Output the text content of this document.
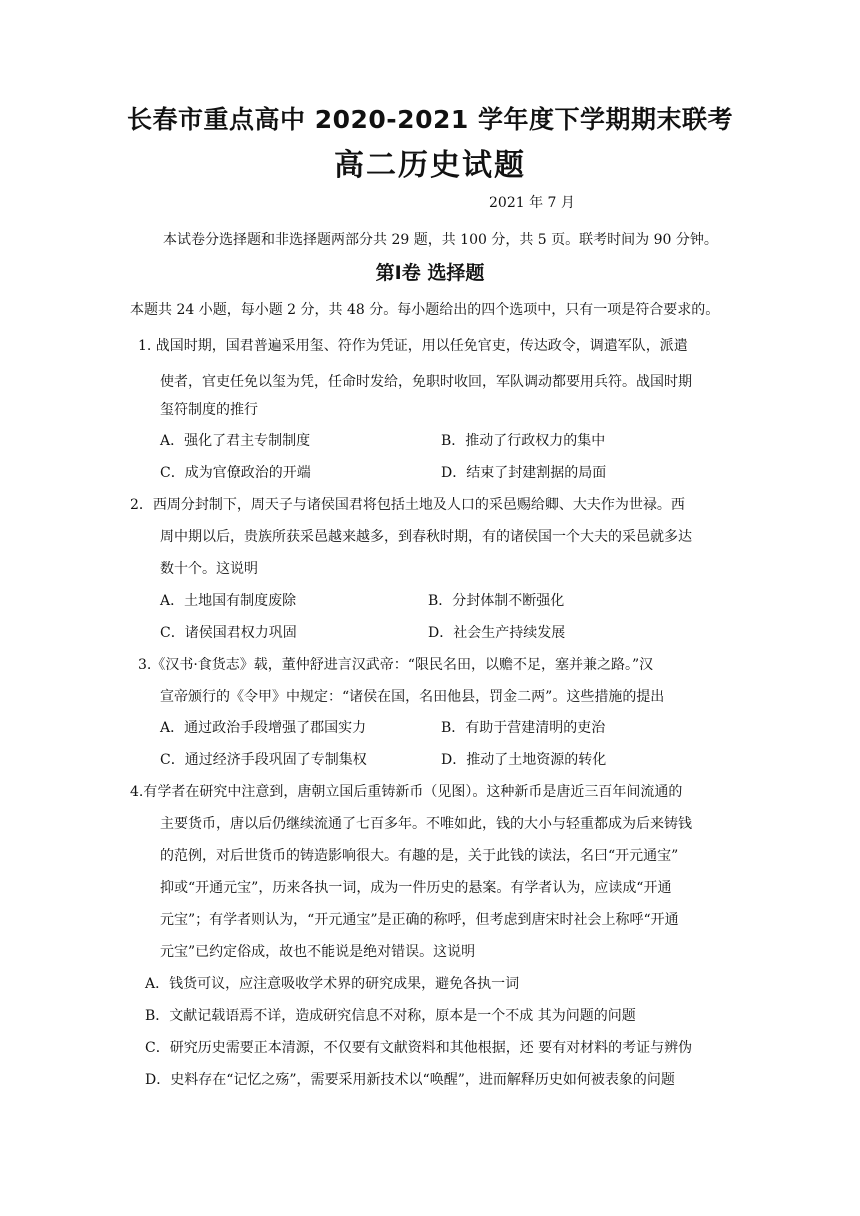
长春市重点高中 2020-2021 学年度下学期期末联考
高二历史试题
2021 年 7 月
本试卷分选择题和非选择题两部分共 29 题，共 100 分，共 5 页。联考时间为 90 分钟。
第Ⅰ卷 选择题
本题共 24 小题，每小题 2 分，共 48 分。每小题给出的四个选项中，只有一项是符合要求的。
1. 战国时期，国君普遍采用玺、符作为凭证，用以任免官吏，传达政令，调遣军队，派遣
使者，官吏任免以玺为凭，任命时发给，免职时收回，军队调动都要用兵符。战国时期
玺符制度的推行
A．强化了君主专制制度	B．推动了行政权力的集中
C．成为官僚政治的开端	D．结束了封建割据的局面
2．西周分封制下，周天子与诸侯国君将包括土地及人口的采邑赐给卿、大夫作为世禄。西
周中期以后，贵族所获采邑越来越多，到春秋时期，有的诸侯国一个大夫的采邑就多达
数十个。这说明
A．土地国有制度废除	B．分封体制不断强化
C．诸侯国君权力巩固	D．社会生产持续发展
3.《汉书·食货志》载，董仲舒进言汉武帝：“限民名田，以赡不足，塞并兼之路。”汉
宣帝颁行的《令甲》中规定：“诸侯在国，名田他县，罚金二两”。这些措施的提出
A．通过政治手段增强了郡国实力	B．有助于营建清明的吏治
C．通过经济手段巩固了专制集权	D．推动了土地资源的转化
4.有学者在研究中注意到，唐朝立国后重铸新币（见图）。这种新币是唐近三百年间流通的
主要货币，唐以后仍继续流通了七百多年。不唯如此，钱的大小与轻重都成为后来铸钱
的范例，对后世货币的铸造影响很大。有趣的是，关于此钱的读法，名曰“开元通宝”
抑或“开通元宝”，历来各执一词，成为一件历史的悬案。有学者认为，应读成“开通
元宝”；有学者则认为，“开元通宝”是正确的称呼，但考虑到唐宋时社会上称呼“开通
元宝”已约定俗成，故也不能说是绝对错误。这说明
A．钱货可议，应注意吸收学术界的研究成果，避免各执一词
B．文献记载语焉不详，造成研究信息不对称，原本是一个不成 其为问题的问题
C．研究历史需要正本清源，不仅要有文献资料和其他根据，还 要有对材料的考证与辨伪
D．史料存在“记忆之殇”，需要采用新技术以“唤醒”，进而解释历史如何被表象的问题
